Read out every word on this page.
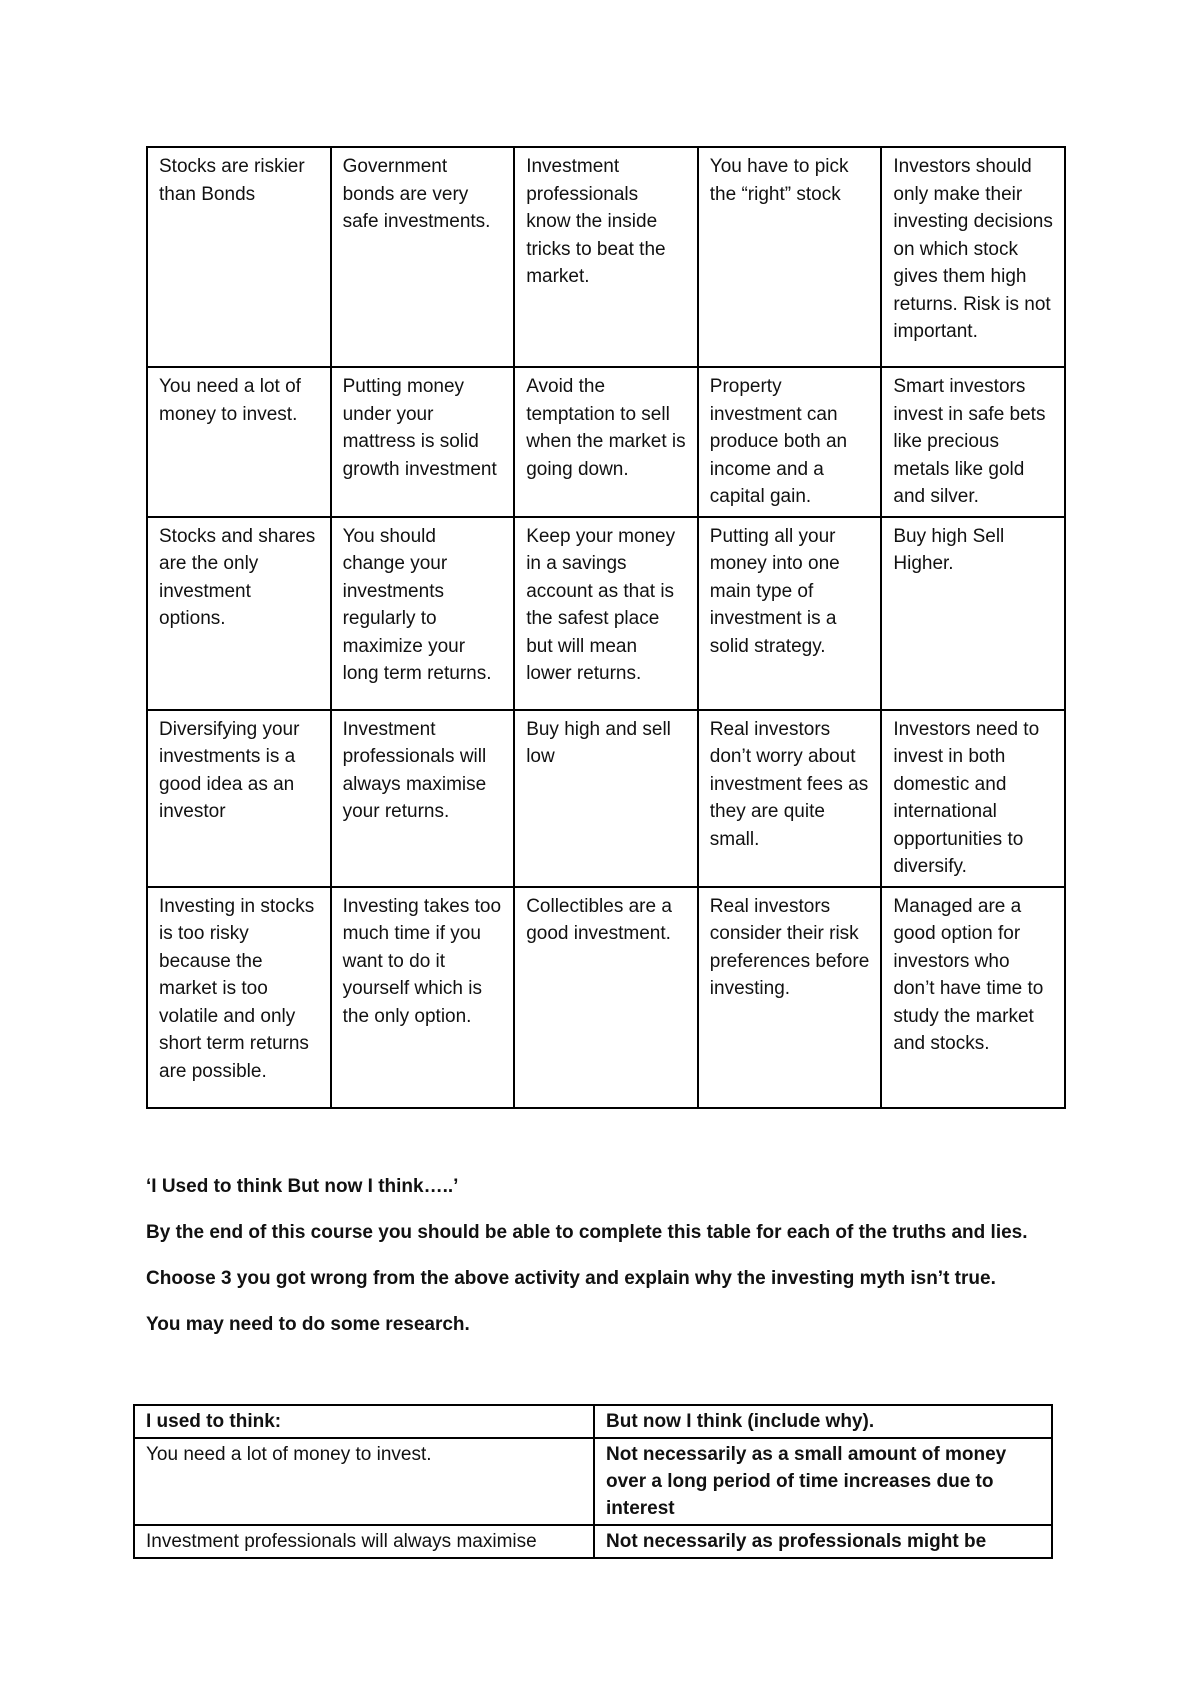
Stocks are riskier than Bonds	Government bonds are very safe investments.	Investment professionals know the inside tricks to beat the market.	You have to pick the “right” stock	Investors should only make their investing decisions on which stock gives them high returns. Risk is not important.
You need a lot of money to invest.	Putting money under your mattress is solid growth investment	Avoid the temptation to sell when the market is going down.	Property investment can produce both an income and a capital gain.	Smart investors invest in safe bets like precious metals like gold and silver.
Stocks and shares are the only investment options.	You should change your investments regularly to maximize your long term returns.	Keep your money in a savings account as that is the safest place but will mean lower returns.	Putting all your money into one main type of investment is a solid strategy.	Buy high Sell Higher.
Diversifying your investments is a good idea as an investor	Investment professionals will always maximise your returns.	Buy high and sell low	Real investors don’t worry about investment fees as they are quite small.	Investors need to invest in both domestic and international opportunities to diversify.
Investing in stocks is too risky because the market is too volatile and only short term returns are possible.	Investing takes too much time if you want to do it yourself which is the only option.	Collectibles are a good investment.	Real investors consider their risk preferences before investing.	Managed are a good option for investors who don’t have time to study the market and stocks.

‘I Used to think But now I think…..’

By the end of this course you should be able to complete this table for each of the truths and lies.

Choose 3 you got wrong from the above activity and explain why the investing myth isn’t true.

You may need to do some research.

I used to think:	But now I think (include why).
You need a lot of money to invest.	Not necessarily as a small amount of money over a long period of time increases due to interest
Investment professionals will always maximise	Not necessarily as professionals might be
